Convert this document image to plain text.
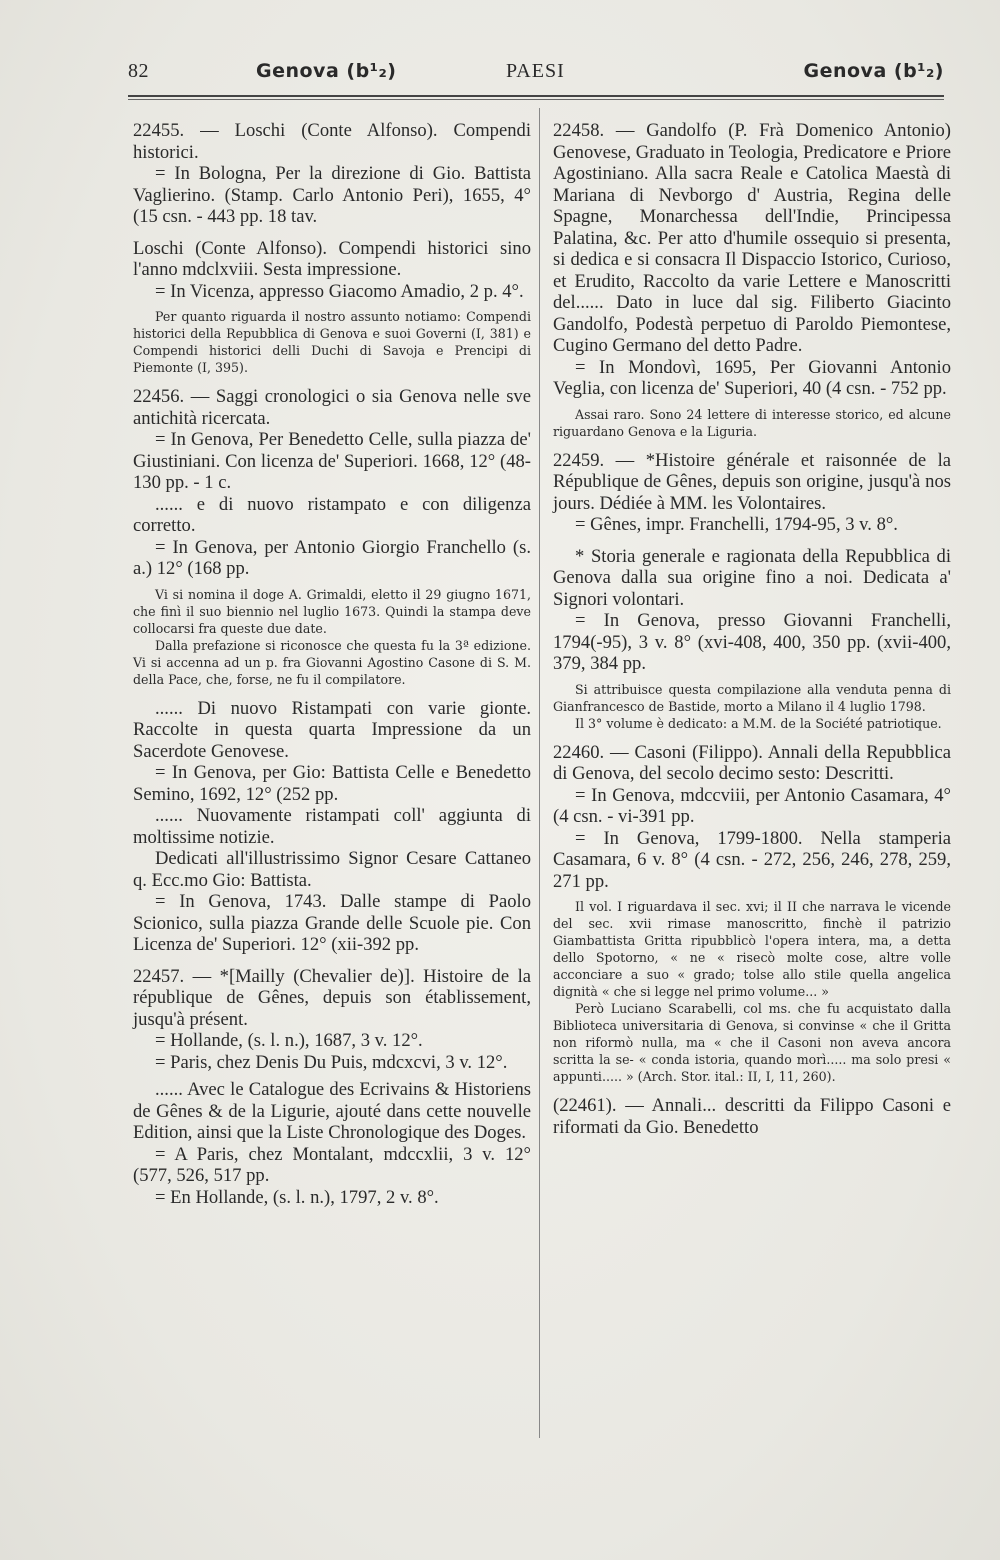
82	Genova (b¹₂)	PAESI	Genova (b¹₂)

22455. — Loschi (Conte Alfonso). Compendi historici.

= In Bologna, Per la direzione di Gio. Battista Vaglierino. (Stamp. Carlo Antonio Peri), 1655, 4° (15 csn. - 443 pp. 18 tav.

Loschi (Conte Alfonso). Compendi historici sino l'anno mdclxviii. Sesta impressione.

= In Vicenza, appresso Giacomo Amadio, 2 p. 4°.

Per quanto riguarda il nostro assunto notiamo: Compendi historici della Repubblica di Genova e suoi Governi (I, 381) e Compendi historici delli Duchi di Savoja e Prencipi di Piemonte (I, 395).

22456. — Saggi cronologici o sia Genova nelle sve antichità ricercata.

= In Genova, Per Benedetto Celle, sulla piazza de' Giustiniani. Con licenza de' Superiori. 1668, 12° (48-130 pp. - 1 c.

...... e di nuovo ristampato e con diligenza corretto.

= In Genova, per Antonio Giorgio Franchello (s. a.) 12° (168 pp.

Vi si nomina il doge A. Grimaldi, eletto il 29 giugno 1671, che finì il suo biennio nel luglio 1673. Quindi la stampa deve collocarsi fra queste due date.

Dalla prefazione si riconosce che questa fu la 3ª edizione. Vi si accenna ad un p. fra Giovanni Agostino Casone di S. M. della Pace, che, forse, ne fu il compilatore.

...... Di nuovo Ristampati con varie gionte. Raccolte in questa quarta Impressione da un Sacerdote Genovese.

= In Genova, per Gio: Battista Celle e Benedetto Semino, 1692, 12° (252 pp.

...... Nuovamente ristampati coll' aggiunta di moltissime notizie.

Dedicati all'illustrissimo Signor Cesare Cattaneo q. Ecc.mo Gio: Battista.

= In Genova, 1743. Dalle stampe di Paolo Scionico, sulla piazza Grande delle Scuole pie. Con Licenza de' Superiori. 12° (xii-392 pp.

22457. — *[Mailly (Chevalier de)]. Histoire de la république de Gênes, depuis son établissement, jusqu'à présent.

= Hollande, (s. l. n.), 1687, 3 v. 12°.

= Paris, chez Denis Du Puis, mdcxcvi, 3 v. 12°.

...... Avec le Catalogue des Ecrivains & Historiens de Gênes & de la Ligurie, ajouté dans cette nouvelle Edition, ainsi que la Liste Chronologique des Doges.

= A Paris, chez Montalant, mdccxlii, 3 v. 12° (577, 526, 517 pp.

= En Hollande, (s. l. n.), 1797, 2 v. 8°.

22458. — Gandolfo (P. Frà Domenico Antonio) Genovese, Graduato in Teologia, Predicatore e Priore Agostiniano. Alla sacra Reale e Catolica Maestà di Mariana di Nevborgo d' Austria, Regina delle Spagne, Monarchessa dell'Indie, Principessa Palatina, &c. Per atto d'humile ossequio si presenta, si dedica e si consacra Il Dispaccio Istorico, Curioso, et Erudito, Raccolto da varie Lettere e Manoscritti del...... Dato in luce dal sig. Filiberto Giacinto Gandolfo, Podestà perpetuo di Paroldo Piemontese, Cugino Germano del detto Padre.

= In Mondovì, 1695, Per Giovanni Antonio Veglia, con licenza de' Superiori, 40 (4 csn. - 752 pp.

Assai raro. Sono 24 lettere di interesse storico, ed alcune riguardano Genova e la Liguria.

22459. — *Histoire générale et raisonnée de la République de Gênes, depuis son origine, jusqu'à nos jours. Dédiée à MM. les Volontaires.

= Gênes, impr. Franchelli, 1794-95, 3 v. 8°.

* Storia generale e ragionata della Repubblica di Genova dalla sua origine fino a noi. Dedicata a' Signori volontari.

= In Genova, presso Giovanni Franchelli, 1794(-95), 3 v. 8° (xvi-408, 400, 350 pp. (xvii-400, 379, 384 pp.

Si attribuisce questa compilazione alla venduta penna di Gianfrancesco de Bastide, morto a Milano il 4 luglio 1798.

Il 3° volume è dedicato: a M.M. de la Société patriotique.

22460. — Casoni (Filippo). Annali della Repubblica di Genova, del secolo decimo sesto: Descritti.

= In Genova, mdccviii, per Antonio Casamara, 4° (4 csn. - vi-391 pp.

= In Genova, 1799-1800. Nella stamperia Casamara, 6 v. 8° (4 csn. - 272, 256, 246, 278, 259, 271 pp.

Il vol. I riguardava il sec. xvi; il II che narrava le vicende del sec. xvii rimase manoscritto, finchè il patrizio Giambattista Gritta ripubblicò l'opera intera, ma, a detta dello Spotorno, « ne « risecò molte cose, altre volle acconciare a suo « grado; tolse allo stile quella angelica dignità « che si legge nel primo volume... »

Però Luciano Scarabelli, col ms. che fu acquistato dalla Biblioteca universitaria di Genova, si convinse « che il Gritta non riformò nulla, ma « che il Casoni non aveva ancora scritta la se- « conda istoria, quando morì..... ma solo presi « appunti..... » (Arch. Stor. ital.: II, I, 11, 260).

(22461). — Annali... descritti da Filippo Casoni e riformati da Gio. Benedetto
